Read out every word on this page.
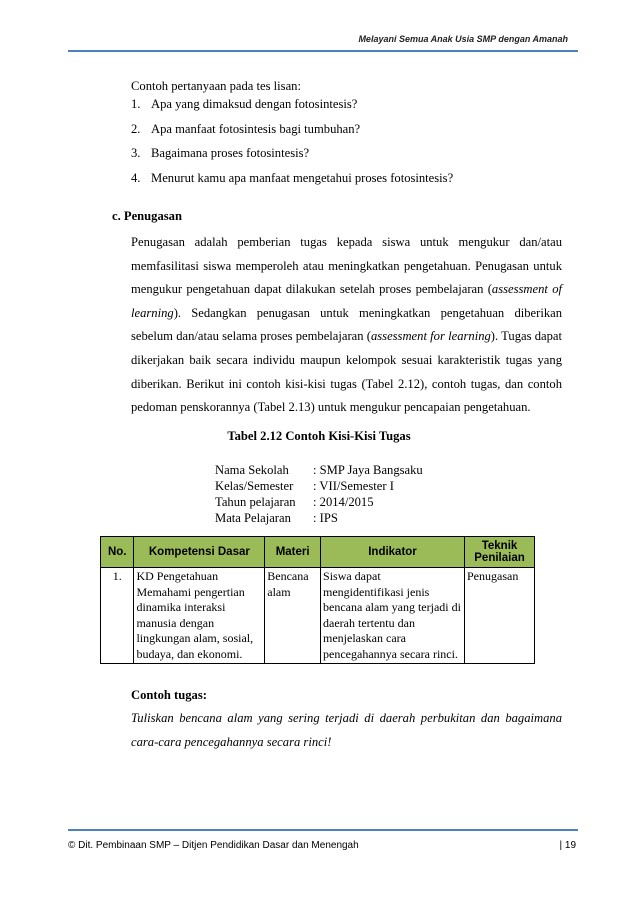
Melayani Semua Anak Usia SMP dengan Amanah
Contoh pertanyaan pada tes lisan:
1. Apa yang dimaksud dengan fotosintesis?
2. Apa manfaat fotosintesis bagi tumbuhan?
3. Bagaimana proses fotosintesis?
4. Menurut kamu apa manfaat mengetahui proses fotosintesis?
c. Penugasan
Penugasan adalah pemberian tugas kepada siswa untuk mengukur dan/atau memfasilitasi siswa memperoleh atau meningkatkan pengetahuan. Penugasan untuk mengukur pengetahuan dapat dilakukan setelah proses pembelajaran (assessment of learning). Sedangkan penugasan untuk meningkatkan pengetahuan diberikan sebelum dan/atau selama proses pembelajaran (assessment for learning). Tugas dapat dikerjakan baik secara individu maupun kelompok sesuai karakteristik tugas yang diberikan. Berikut ini contoh kisi-kisi tugas (Tabel 2.12), contoh tugas, dan contoh pedoman penskorannya (Tabel 2.13) untuk mengukur pencapaian pengetahuan.
Tabel 2.12 Contoh Kisi-Kisi Tugas
Nama Sekolah	: SMP Jaya Bangsaku
Kelas/Semester	: VII/Semester I
Tahun pelajaran	: 2014/2015
Mata Pelajaran	: IPS
No.	Kompetensi Dasar	Materi	Indikator	Teknik Penilaian
1.	KD Pengetahuan Memahami pengertian dinamika interaksi manusia dengan lingkungan alam, sosial, budaya, dan ekonomi.	Bencana alam	Siswa dapat mengidentifikasi jenis bencana alam yang terjadi di daerah tertentu dan menjelaskan cara pencegahannya secara rinci.	Penugasan
Contoh tugas:
Tuliskan bencana alam yang sering terjadi di daerah perbukitan dan bagaimana cara-cara pencegahannya secara rinci!
© Dit. Pembinaan SMP – Ditjen Pendidikan Dasar dan Menengah	| 19
